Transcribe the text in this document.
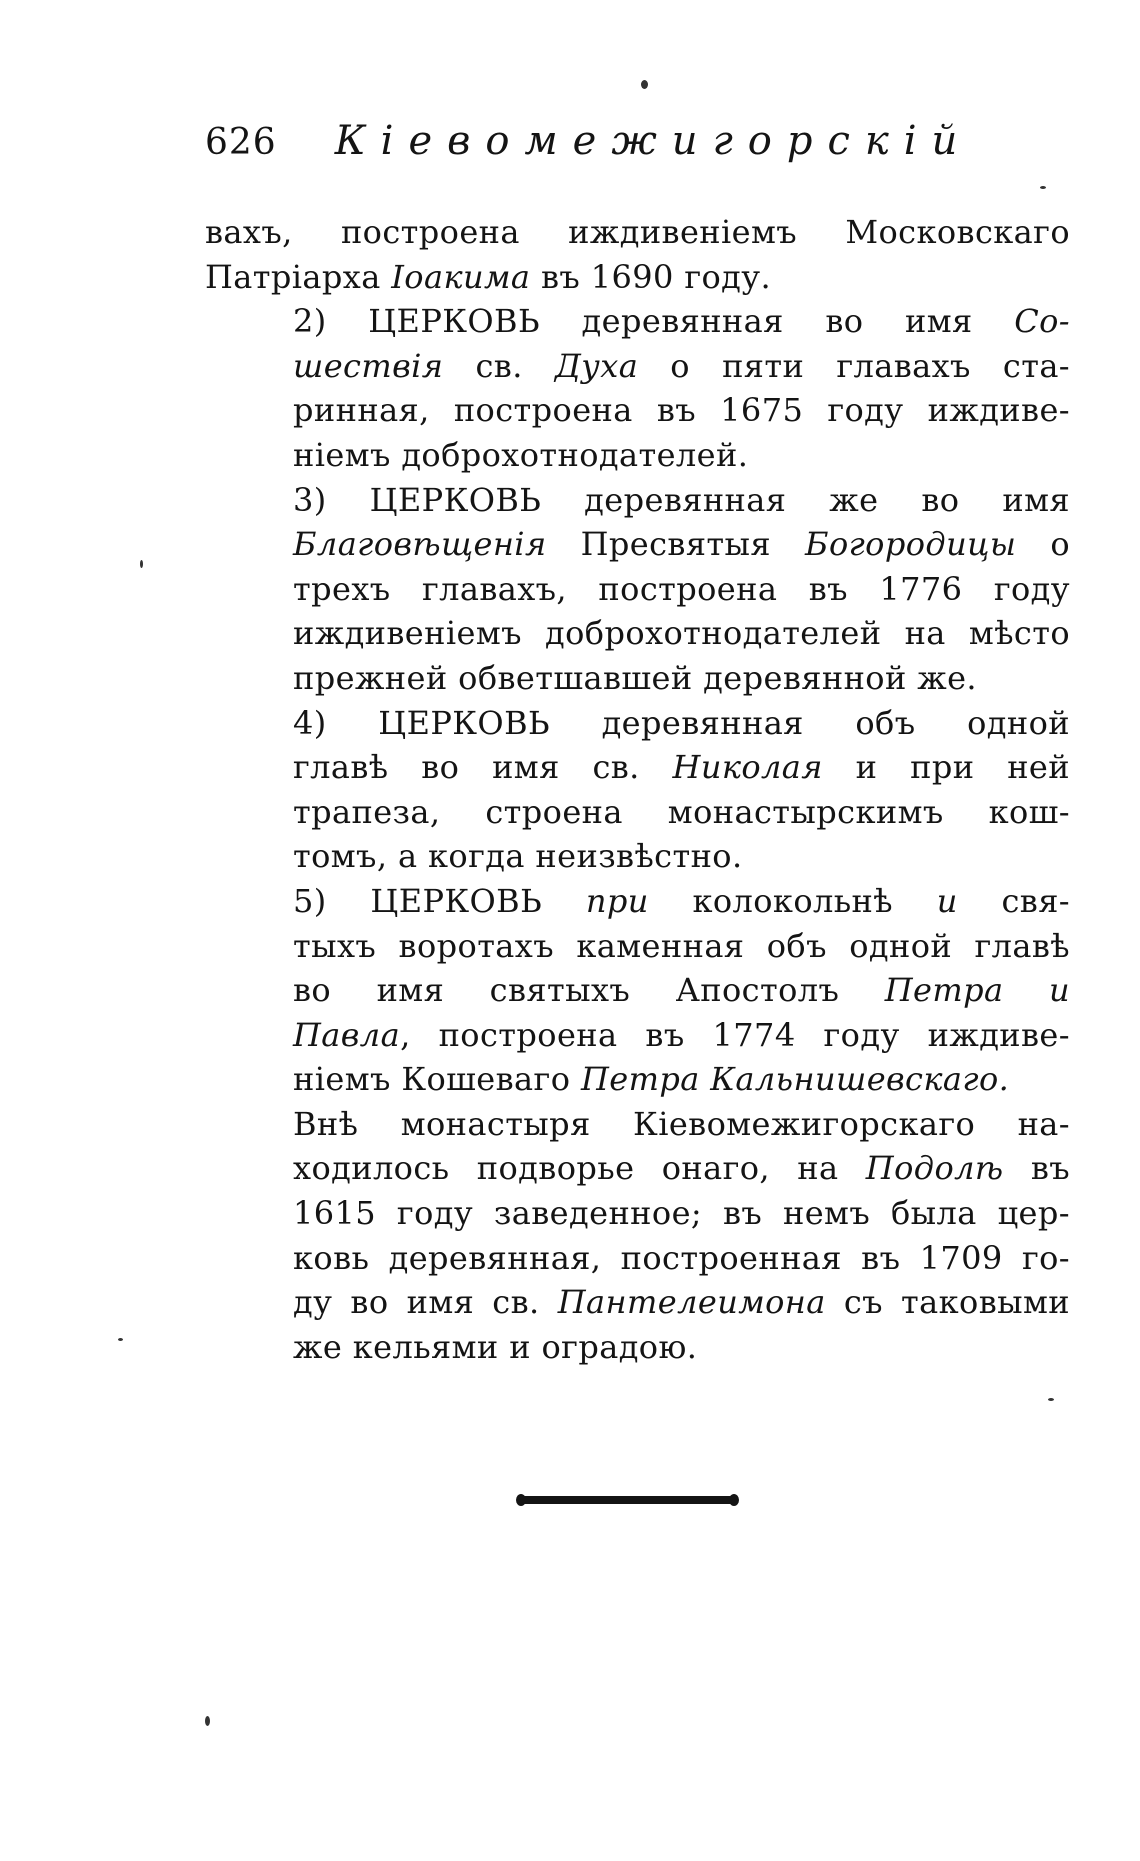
626 Кiевомежигорскiй
вахъ, построена иждивенiемъ Московскаго
Патрiарха Iоакима въ 1690 году.
2) ЦЕРКОВЬ деревянная во имя Со-
шествiя св. Духа о пяти главахъ ста-
ринная, построена въ 1675 году иждиве-
нiемъ доброхотнодателей.
3) ЦЕРКОВЬ деревянная же во имя
Благовѣщенiя Пресвятыя Богородицы о
трехъ главахъ, построена въ 1776 году
иждивенiемъ доброхотнодателей на мѣсто
прежней обветшавшей деревянной же.
4) ЦЕРКОВЬ деревянная объ одной
главѣ во имя св. Николая и при ней
трапеза, строена монастырскимъ кош-
томъ, а когда неизвѣстно.
5) ЦЕРКОВЬ при колокольнѣ и свя-
тыхъ воротахъ каменная объ одной главѣ
во имя святыхъ Апостолъ Петра и
Павла, построена въ 1774 году иждиве-
нiемъ Кошеваго Петра Кальнишевскаго.
Внѣ монастыря Кiевомежигорскаго на-
ходилось подворье онаго, на Подолѣ въ
1615 году заведенное; въ немъ была цер-
ковь деревянная, построенная въ 1709 го-
ду во имя св. Пантелеимона съ таковыми
же кельями и оградою.
